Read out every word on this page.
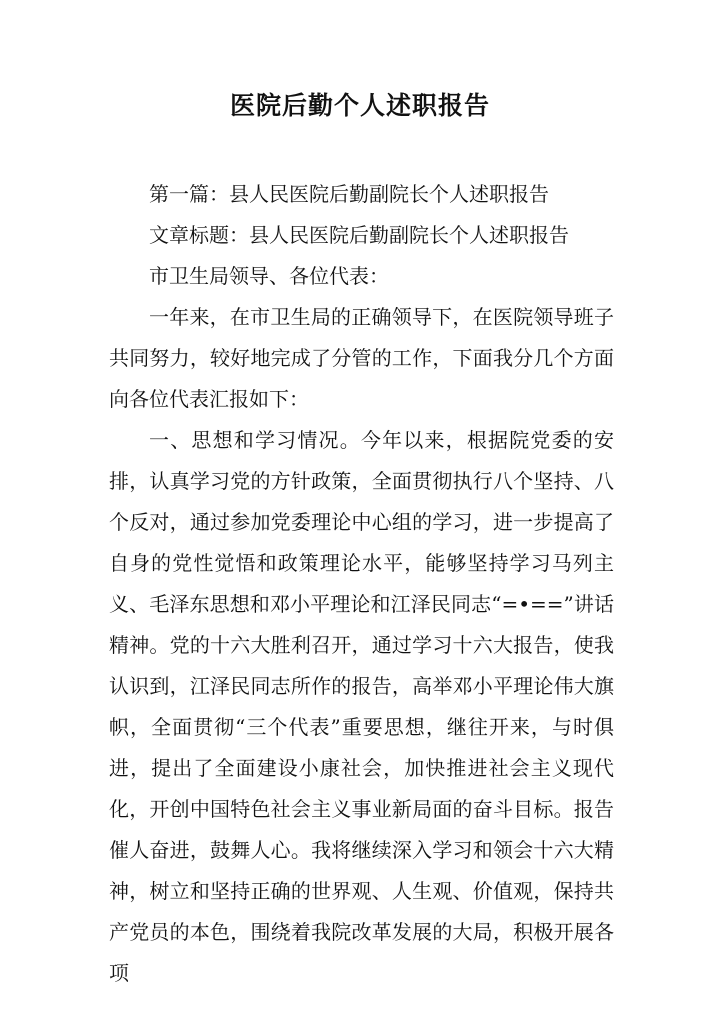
医院后勤个人述职报告

第一篇：县人民医院后勤副院长个人述职报告

文章标题：县人民医院后勤副院长个人述职报告

市卫生局领导、各位代表：

一年来，在市卫生局的正确领导下，在医院领导班子共同努力，较好地完成了分管的工作，下面我分几个方面向各位代表汇报如下：

一、思想和学习情况。今年以来，根据院党委的安排，认真学习党的方针政策，全面贯彻执行八个坚持、八个反对，通过参加党委理论中心组的学习，进一步提高了自身的党性觉悟和政策理论水平，能够坚持学习马列主义、毛泽东思想和邓小平理论和江泽民同志“=•==”讲话精神。党的十六大胜利召开，通过学习十六大报告，使我认识到，江泽民同志所作的报告，高举邓小平理论伟大旗帜，全面贯彻“三个代表”重要思想，继往开来，与时俱进，提出了全面建设小康社会，加快推进社会主义现代化，开创中国特色社会主义事业新局面的奋斗目标。报告催人奋进，鼓舞人心。我将继续深入学习和领会十六大精神，树立和坚持正确的世界观、人生观、价值观，保持共产党员的本色，围绕着我院改革发展的大局，积极开展各项
